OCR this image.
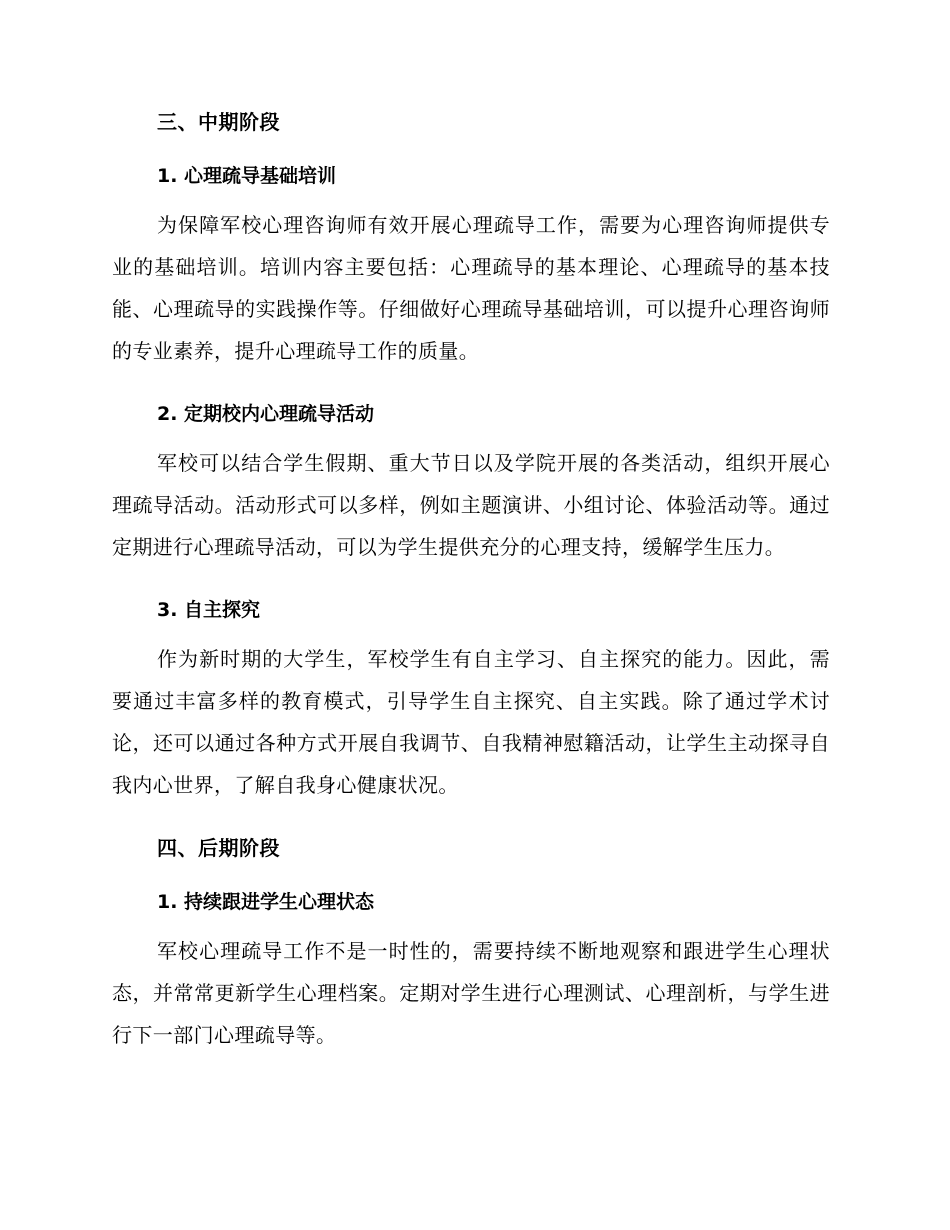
三、中期阶段
1. 心理疏导基础培训

为保障军校心理咨询师有效开展心理疏导工作，需要为心理咨询师提供专业的基础培训。培训内容主要包括：心理疏导的基本理论、心理疏导的基本技能、心理疏导的实践操作等。仔细做好心理疏导基础培训，可以提升心理咨询师的专业素养，提升心理疏导工作的质量。

2. 定期校内心理疏导活动

军校可以结合学生假期、重大节日以及学院开展的各类活动，组织开展心理疏导活动。活动形式可以多样，例如主题演讲、小组讨论、体验活动等。通过定期进行心理疏导活动，可以为学生提供充分的心理支持，缓解学生压力。

3. 自主探究

作为新时期的大学生，军校学生有自主学习、自主探究的能力。因此，需要通过丰富多样的教育模式，引导学生自主探究、自主实践。除了通过学术讨论，还可以通过各种方式开展自我调节、自我精神慰籍活动，让学生主动探寻自我内心世界，了解自我身心健康状况。

四、后期阶段
1. 持续跟进学生心理状态

军校心理疏导工作不是一时性的，需要持续不断地观察和跟进学生心理状态，并常常更新学生心理档案。定期对学生进行心理测试、心理剖析，与学生进行下一部门心理疏导等。
